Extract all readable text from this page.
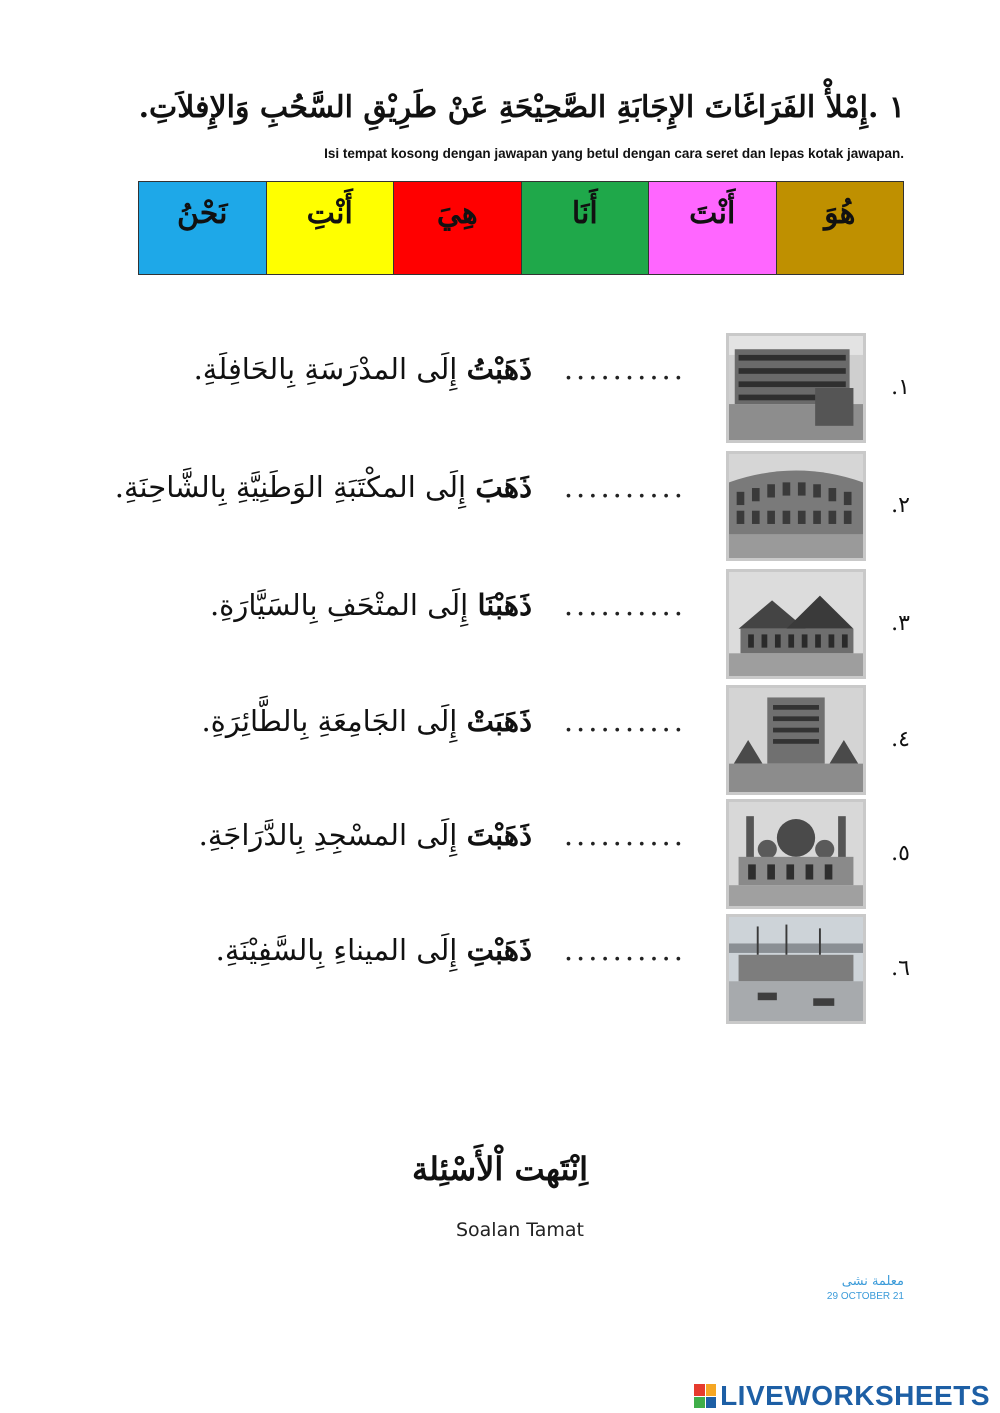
١ .إِمْلأْ الفَرَاغَاتَ الإِجَابَةِ الصَّحِيْحَةِ عَنْ طَرِيْقِ السَّحُبِ وَالإِفلاَتِ.
Isi tempat kosong dengan jawapan yang betul dengan cara seret dan lepas kotak jawapan.
نَحْنُ	أَنْتِ	هِيَ	أَنَا	أَنْتَ	هُوَ
.١
..........ذَهَبْتُ إِلَى المدْرَسَةِ بِالحَافِلَةِ.
.٢
..........ذَهَبَ إِلَى المكْتَبَةِ الوَطَنِيَّةِ بِالشَّاحِنَةِ.
.٣
..........ذَهَبْنَا إِلَى المتْحَفِ بِالسَيَّارَةِ.
.٤
..........ذَهَبَتْ إِلَى الجَامِعَةِ بِالطَّائِرَةِ.
.٥
..........ذَهَبْتَ إِلَى المسْجِدِ بِالدَّرَاجَةِ.
.٦
..........ذَهَبْتِ إِلَى الميناءِ بِالسَّفِيْنَةِ.
اِنْتَهت اْلأَسْئِلة
Soalan Tamat
معلمة نشى
29 OCTOBER 21
LIVEWORKSHEETS
